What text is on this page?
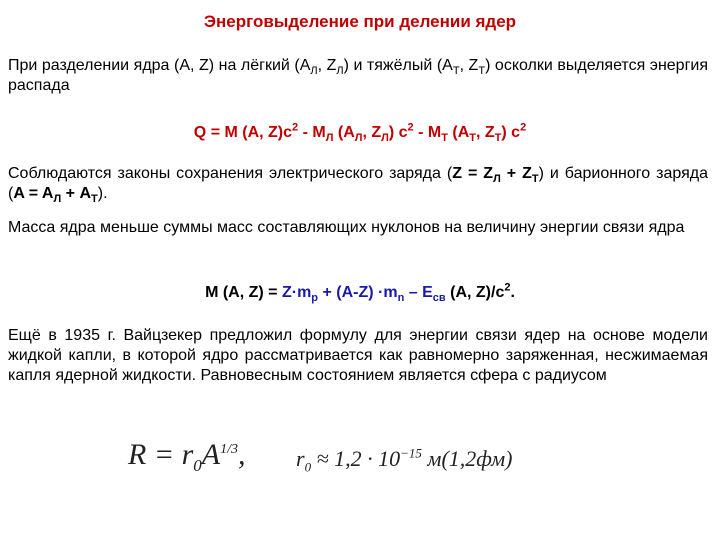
Энерговыделение при делении ядер
При разделении ядра (A, Z) на лёгкий ($A_Л$, $Z_Л$) и тяжёлый ($A_Т$, $Z_Т$) осколки выделяется энергия распада
Q = M (A, $Z)c^2 - M_Л$ ($A_Л$, $Z_Л$) $c^2 - M_Т$ ($A_Т$, $Z_Т$) $c^2$
Соблюдаются законы сохранения электрического заряда $(Z = Z_Л + Z_Т)$ и барионного заряда $(A = A_Л + A_Т)$.
Масса ядра меньше суммы масс составляющих нуклонов на величину энергии связи ядра
M (A, $Z) = Z\cdot m_p + (A-Z) \cdot m_n - E_{св}$ (A, $Z)/c^2$.
Ещё в 1935 г. Вайцзекер предложил формулу для энергии связи ядер на основе модели жидкой капли, в которой ядро рассматривается как равномерно заряженная, несжимаемая капля ядерной жидкости. Равновесным состоянием является сфера с радиусом
$R = r_0A^{1/3}$, $r_0 \approx 1,2 \cdot 10^{-15}$ м(1,2фм)
